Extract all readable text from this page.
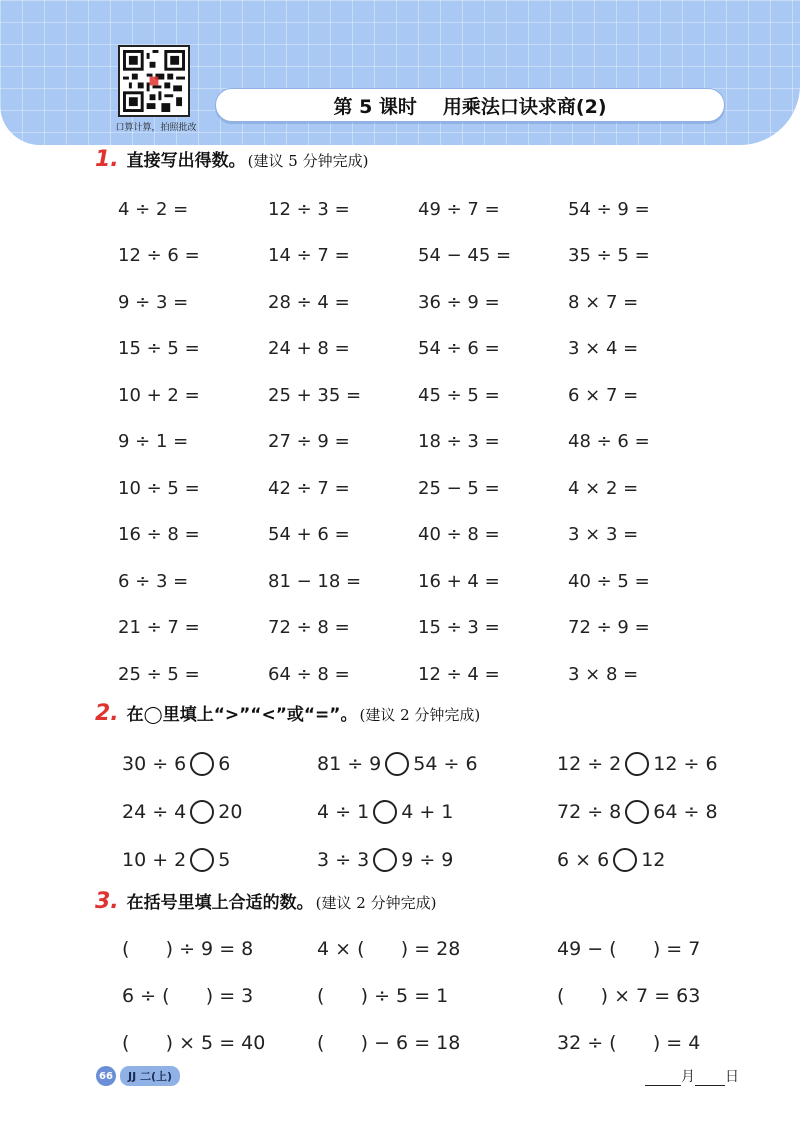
口算计算，拍照批改
第 5 课时 用乘法口诀求商(2)
1. 直接写出得数。 (建议 5 分钟完成)
4 ÷ 2 =	12 ÷ 3 =	49 ÷ 7 =	54 ÷ 9 =
12 ÷ 6 =	14 ÷ 7 =	54 − 45 =	35 ÷ 5 =
9 ÷ 3 =	28 ÷ 4 =	36 ÷ 9 =	8 × 7 =
15 ÷ 5 =	24 + 8 =	54 ÷ 6 =	3 × 4 =
10 + 2 =	25 + 35 =	45 ÷ 5 =	6 × 7 =
9 ÷ 1 =	27 ÷ 9 =	18 ÷ 3 =	48 ÷ 6 =
10 ÷ 5 =	42 ÷ 7 =	25 − 5 =	4 × 2 =
16 ÷ 8 =	54 + 6 =	40 ÷ 8 =	3 × 3 =
6 ÷ 3 =	81 − 18 =	16 + 4 =	40 ÷ 5 =
21 ÷ 7 =	72 ÷ 8 =	15 ÷ 3 =	72 ÷ 9 =
25 ÷ 5 =	64 ÷ 8 =	12 ÷ 4 =	3 × 8 =
2. 在◯里填上“>”“<”或“=”。 (建议 2 分钟完成)
30 ÷ 6 6	81 ÷ 9 54 ÷ 6	12 ÷ 2 12 ÷ 6
24 ÷ 4 20	4 ÷ 1 4 + 1	72 ÷ 8 64 ÷ 8
10 + 2 5	3 ÷ 3 9 ÷ 9	6 × 6 12
3. 在括号里填上合适的数。 (建议 2 分钟完成)
(      ) ÷ 9 = 8	4 × (      ) = 28	49 − (      ) = 7
6 ÷ (      ) = 3	(      ) ÷ 5 = 1	(      ) × 7 = 63
(      ) × 5 = 40	(      ) − 6 = 18	32 ÷ (      ) = 4
66	JJ 二(上)	月 日
